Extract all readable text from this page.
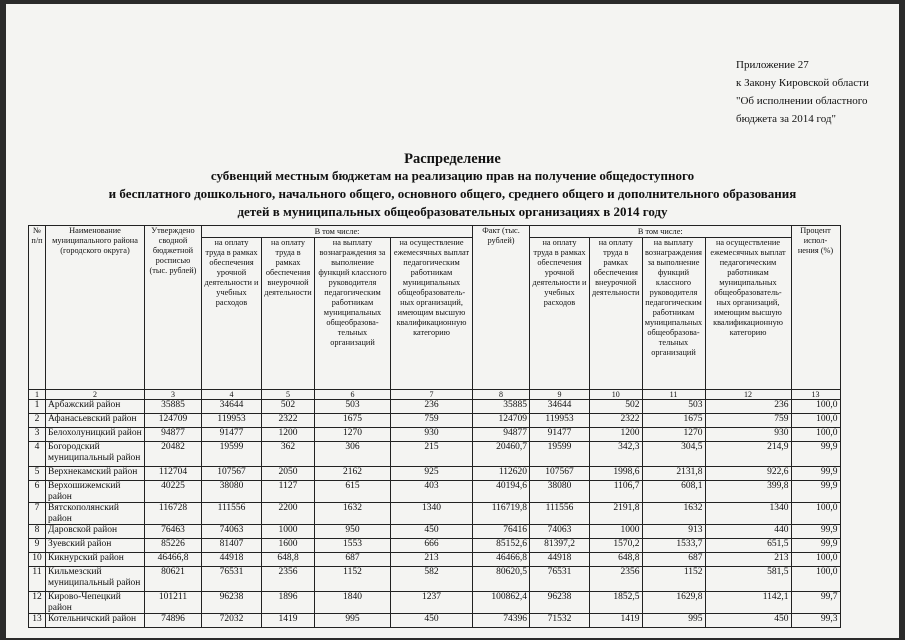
Приложение 27
к Закону Кировской области
"Об исполнении областного
бюджета за 2014 год"
Распределение
субвенций местным бюджетам на реализацию прав на получение общедоступного
и бесплатного дошкольного, начального общего, основного общего, среднего общего и дополнительного образования
детей в муниципальных общеобразовательных организациях в 2014 году
№ п/п	Наименование муниципального района (городского округа)	Утвержденo сводной бюджетной росписью (тыс. рублей)	В том числе:				Факт (тыс. рублей)	В том числе:				Процент испол-нения (%)
			на оплату труда в рамках обеспечения урочной деятельности и учебных расходов	на оплату труда в рамках обеспечения внеурочной деятельности	на выплату вознаграждения за выполнение функций классного руководителя педагогическим работникам муниципальных общеобразова-тельных организаций	на осуществление ежемесячных выплат педагогическим работникам муниципальных общеобразователь-ных организаций, имеющим высшую квалификационную категорию		на оплату труда в рамках обеспечения урочной деятельности и учебных расходов	на оплату труда в рамках обеспечения внеурочной деятельности	на выплату вознаграждения за выполнение функций классного руководителя педагогическим работникам муниципальных общеобразова-тельных организаций	на осуществление ежемесячных выплат педагогическим работникам муниципальных общеобразователь-ных организаций, имеющим высшую квалификационную категорию	
1	2	3	4	5	6	7	8	9	10	11	12	13
1	Арбажский район	35885	34644	502	503	236	35885	34644	502	503	236	100,0
2	Афанасьевский район	124709	119953	2322	1675	759	124709	119953	2322	1675	759	100,0
3	Белохолуницкий район	94877	91477	1200	1270	930	94877	91477	1200	1270	930	100,0
4	Богородский муниципальный район	20482	19599	362	306	215	20460,7	19599	342,3	304,5	214,9	99,9
5	Верхнекамский район	112704	107567	2050	2162	925	112620	107567	1998,6	2131,8	922,6	99,9
6	Верхошижемский район	40225	38080	1127	615	403	40194,6	38080	1106,7	608,1	399,8	99,9
7	Вятскополянский район	116728	111556	2200	1632	1340	116719,8	111556	2191,8	1632	1340	100,0
8	Даровской район	76463	74063	1000	950	450	76416	74063	1000	913	440	99,9
9	Зуевский район	85226	81407	1600	1553	666	85152,6	81397,2	1570,2	1533,7	651,5	99,9
10	Кикнурский район	46466,8	44918	648,8	687	213	46466,8	44918	648,8	687	213	100,0
11	Кильмезский муниципальный район	80621	76531	2356	1152	582	80620,5	76531	2356	1152	581,5	100,0
12	Кирово-Чепецкий район	101211	96238	1896	1840	1237	100862,4	96238	1852,5	1629,8	1142,1	99,7
13	Котельничский район	74896	72032	1419	995	450	74396	71532	1419	995	450	99,3
